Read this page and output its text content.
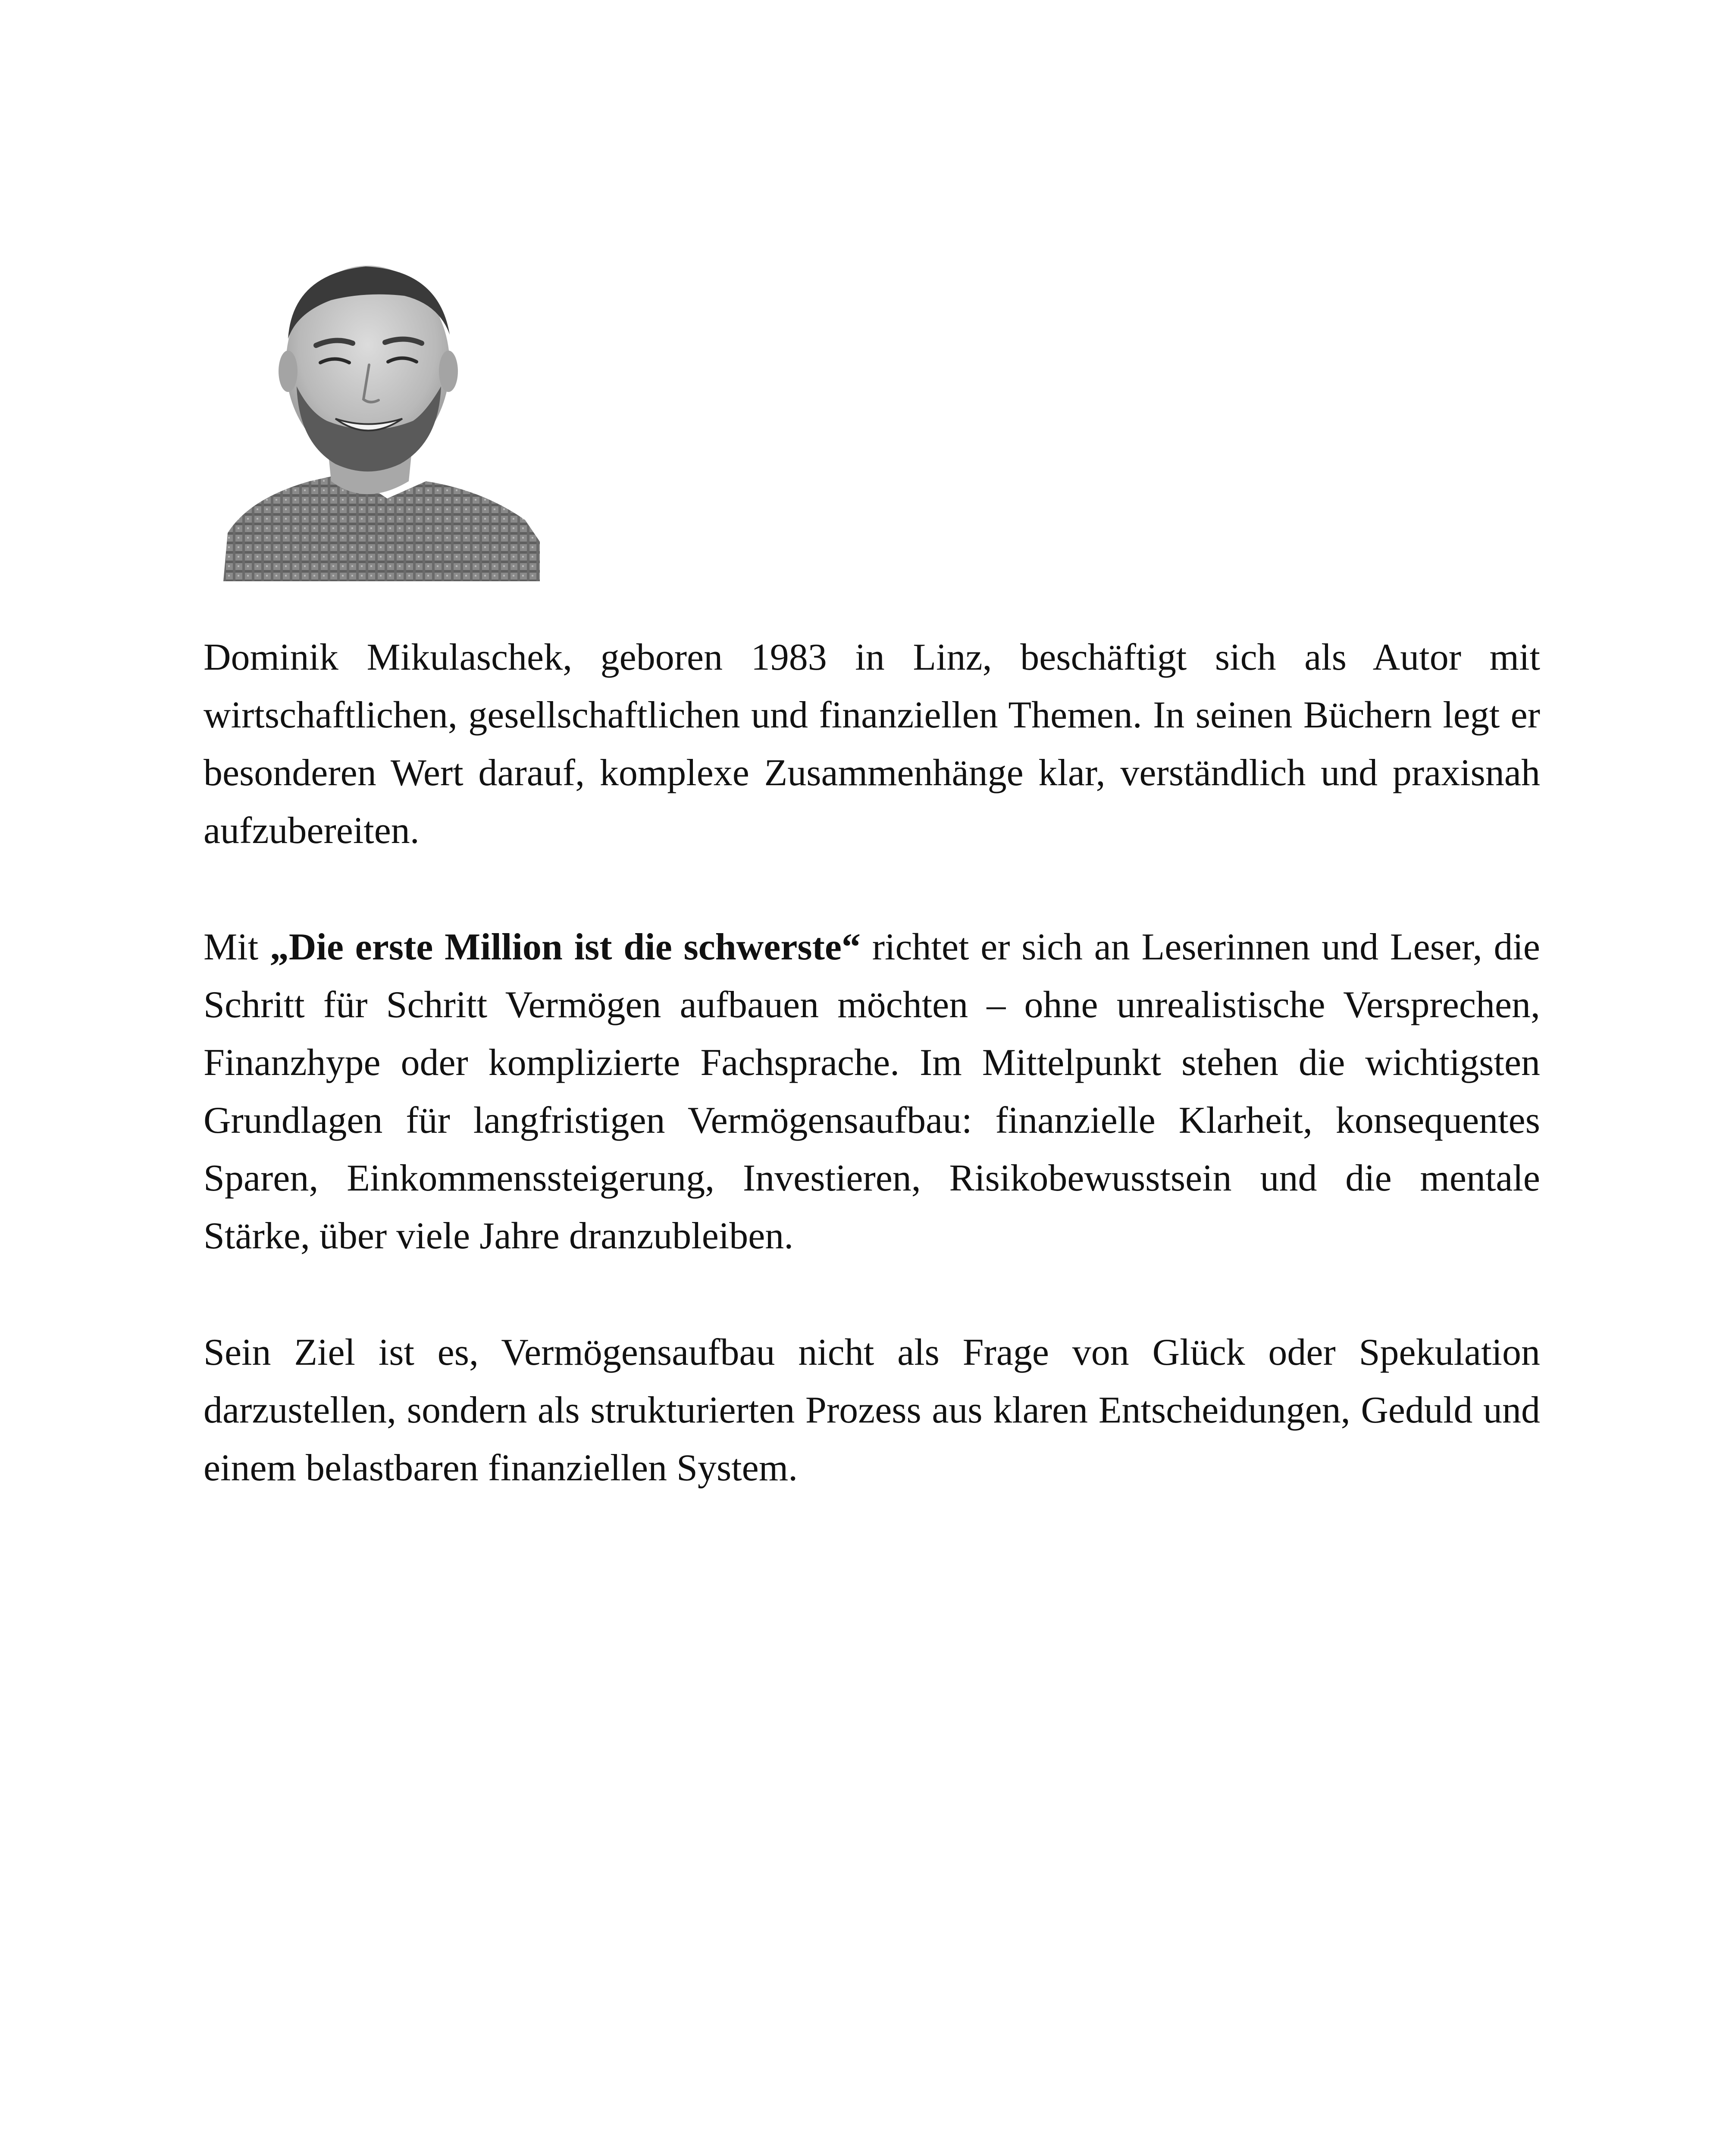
Dominik Mikulaschek, geboren 1983 in Linz, beschäftigt sich als Autor mit wirtschaftlichen, gesellschaftlichen und finanziellen Themen. In seinen Büchern legt er besonderen Wert darauf, komplexe Zusammenhänge klar, verständlich und praxisnah aufzubereiten.

Mit „Die erste Million ist die schwerste“ richtet er sich an Leserinnen und Leser, die Schritt für Schritt Vermögen aufbauen möchten – ohne unrealistische Versprechen, Finanzhype oder komplizierte Fachsprache. Im Mittelpunkt stehen die wichtigsten Grundlagen für langfristigen Vermögensaufbau: finanzielle Klarheit, konsequentes Sparen, Einkommenssteigerung, Investieren, Risikobewusstsein und die mentale Stärke, über viele Jahre dranzubleiben.

Sein Ziel ist es, Vermögensaufbau nicht als Frage von Glück oder Spekulation darzustellen, sondern als strukturierten Prozess aus klaren Entscheidungen, Geduld und einem belastbaren finanziellen System.
